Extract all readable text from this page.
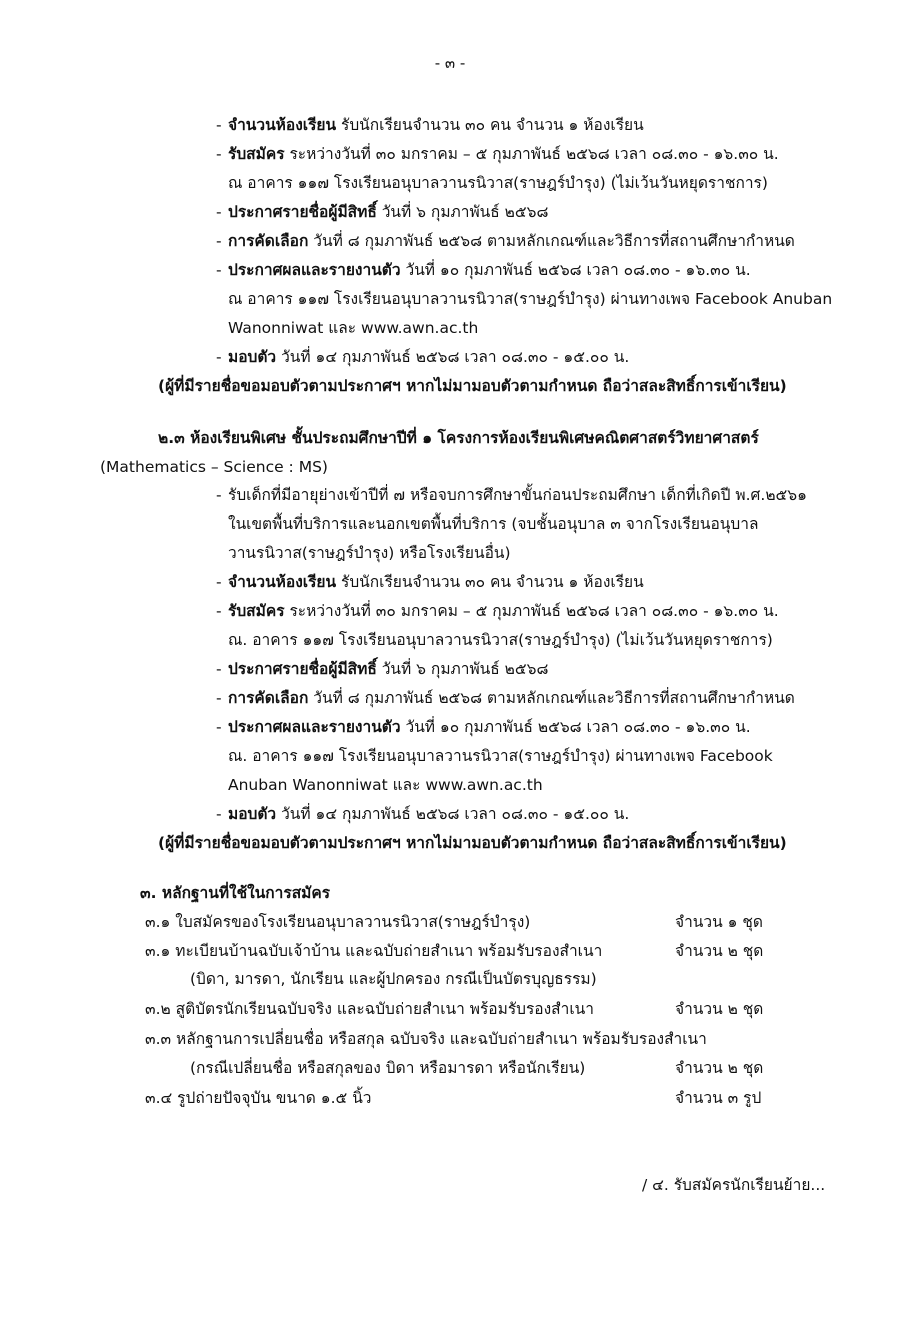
- ๓ -
- จำนวนห้องเรียน รับนักเรียนจำนวน ๓๐ คน จำนวน ๑ ห้องเรียน
- รับสมัคร ระหว่างวันที่ ๓๐ มกราคม – ๕ กุมภาพันธ์ ๒๕๖๘ เวลา ๐๘.๓๐ - ๑๖.๓๐ น.
ณ อาคาร ๑๑๗ โรงเรียนอนุบาลวานรนิวาส(ราษฎร์บำรุง) (ไม่เว้นวันหยุดราชการ)
- ประกาศรายชื่อผู้มีสิทธิ์ วันที่ ๖ กุมภาพันธ์ ๒๕๖๘
- การคัดเลือก วันที่ ๘ กุมภาพันธ์ ๒๕๖๘ ตามหลักเกณฑ์และวิธีการที่สถานศึกษากำหนด
- ประกาศผลและรายงานตัว วันที่ ๑๐ กุมภาพันธ์ ๒๕๖๘ เวลา ๐๘.๓๐ - ๑๖.๓๐ น.
ณ อาคาร ๑๑๗ โรงเรียนอนุบาลวานรนิวาส(ราษฎร์บำรุง) ผ่านทางเพจ Facebook Anuban
Wanonniwat และ www.awn.ac.th
- มอบตัว วันที่ ๑๔ กุมภาพันธ์ ๒๕๖๘ เวลา ๐๘.๓๐ - ๑๕.๐๐ น.
(ผู้ที่มีรายชื่อขอมอบตัวตามประกาศฯ หากไม่มามอบตัวตามกำหนด ถือว่าสละสิทธิ์การเข้าเรียน)
๒.๓ ห้องเรียนพิเศษ ชั้นประถมศึกษาปีที่ ๑ โครงการห้องเรียนพิเศษคณิตศาสตร์วิทยาศาสตร์
(Mathematics – Science : MS)
- รับเด็กที่มีอายุย่างเข้าปีที่ ๗ หรือจบการศึกษาขั้นก่อนประถมศึกษา เด็กที่เกิดปี พ.ศ.๒๕๖๑
ในเขตพื้นที่บริการและนอกเขตพื้นที่บริการ (จบชั้นอนุบาล ๓ จากโรงเรียนอนุบาล
วานรนิวาส(ราษฎร์บำรุง) หรือโรงเรียนอื่น)
- จำนวนห้องเรียน รับนักเรียนจำนวน ๓๐ คน จำนวน ๑ ห้องเรียน
- รับสมัคร ระหว่างวันที่ ๓๐ มกราคม – ๕ กุมภาพันธ์ ๒๕๖๘ เวลา ๐๘.๓๐ - ๑๖.๓๐ น.
ณ. อาคาร ๑๑๗ โรงเรียนอนุบาลวานรนิวาส(ราษฎร์บำรุง) (ไม่เว้นวันหยุดราชการ)
- ประกาศรายชื่อผู้มีสิทธิ์ วันที่ ๖ กุมภาพันธ์ ๒๕๖๘
- การคัดเลือก วันที่ ๘ กุมภาพันธ์ ๒๕๖๘ ตามหลักเกณฑ์และวิธีการที่สถานศึกษากำหนด
- ประกาศผลและรายงานตัว วันที่ ๑๐ กุมภาพันธ์ ๒๕๖๘ เวลา ๐๘.๓๐ - ๑๖.๓๐ น.
ณ. อาคาร ๑๑๗ โรงเรียนอนุบาลวานรนิวาส(ราษฎร์บำรุง) ผ่านทางเพจ Facebook
Anuban Wanonniwat และ www.awn.ac.th
- มอบตัว วันที่ ๑๔ กุมภาพันธ์ ๒๕๖๘ เวลา ๐๘.๓๐ - ๑๕.๐๐ น.
(ผู้ที่มีรายชื่อขอมอบตัวตามประกาศฯ หากไม่มามอบตัวตามกำหนด ถือว่าสละสิทธิ์การเข้าเรียน)
๓. หลักฐานที่ใช้ในการสมัคร
๓.๑ ใบสมัครของโรงเรียนอนุบาลวานรนิวาส(ราษฎร์บำรุง)	จำนวน ๑ ชุด
๓.๑ ทะเบียนบ้านฉบับเจ้าบ้าน และฉบับถ่ายสำเนา พร้อมรับรองสำเนา	จำนวน ๒ ชุด
(บิดา, มารดา, นักเรียน และผู้ปกครอง กรณีเป็นบัตรบุญธรรม)
๓.๒ สูติบัตรนักเรียนฉบับจริง และฉบับถ่ายสำเนา พร้อมรับรองสำเนา	จำนวน ๒ ชุด
๓.๓ หลักฐานการเปลี่ยนชื่อ หรือสกุล ฉบับจริง และฉบับถ่ายสำเนา พร้อมรับรองสำเนา
(กรณีเปลี่ยนชื่อ หรือสกุลของ บิดา หรือมารดา หรือนักเรียน)	จำนวน ๒ ชุด
๓.๔ รูปถ่ายปัจจุบัน ขนาด ๑.๕ นิ้ว	จำนวน ๓ รูป
/ ๔. รับสมัครนักเรียนย้าย...
